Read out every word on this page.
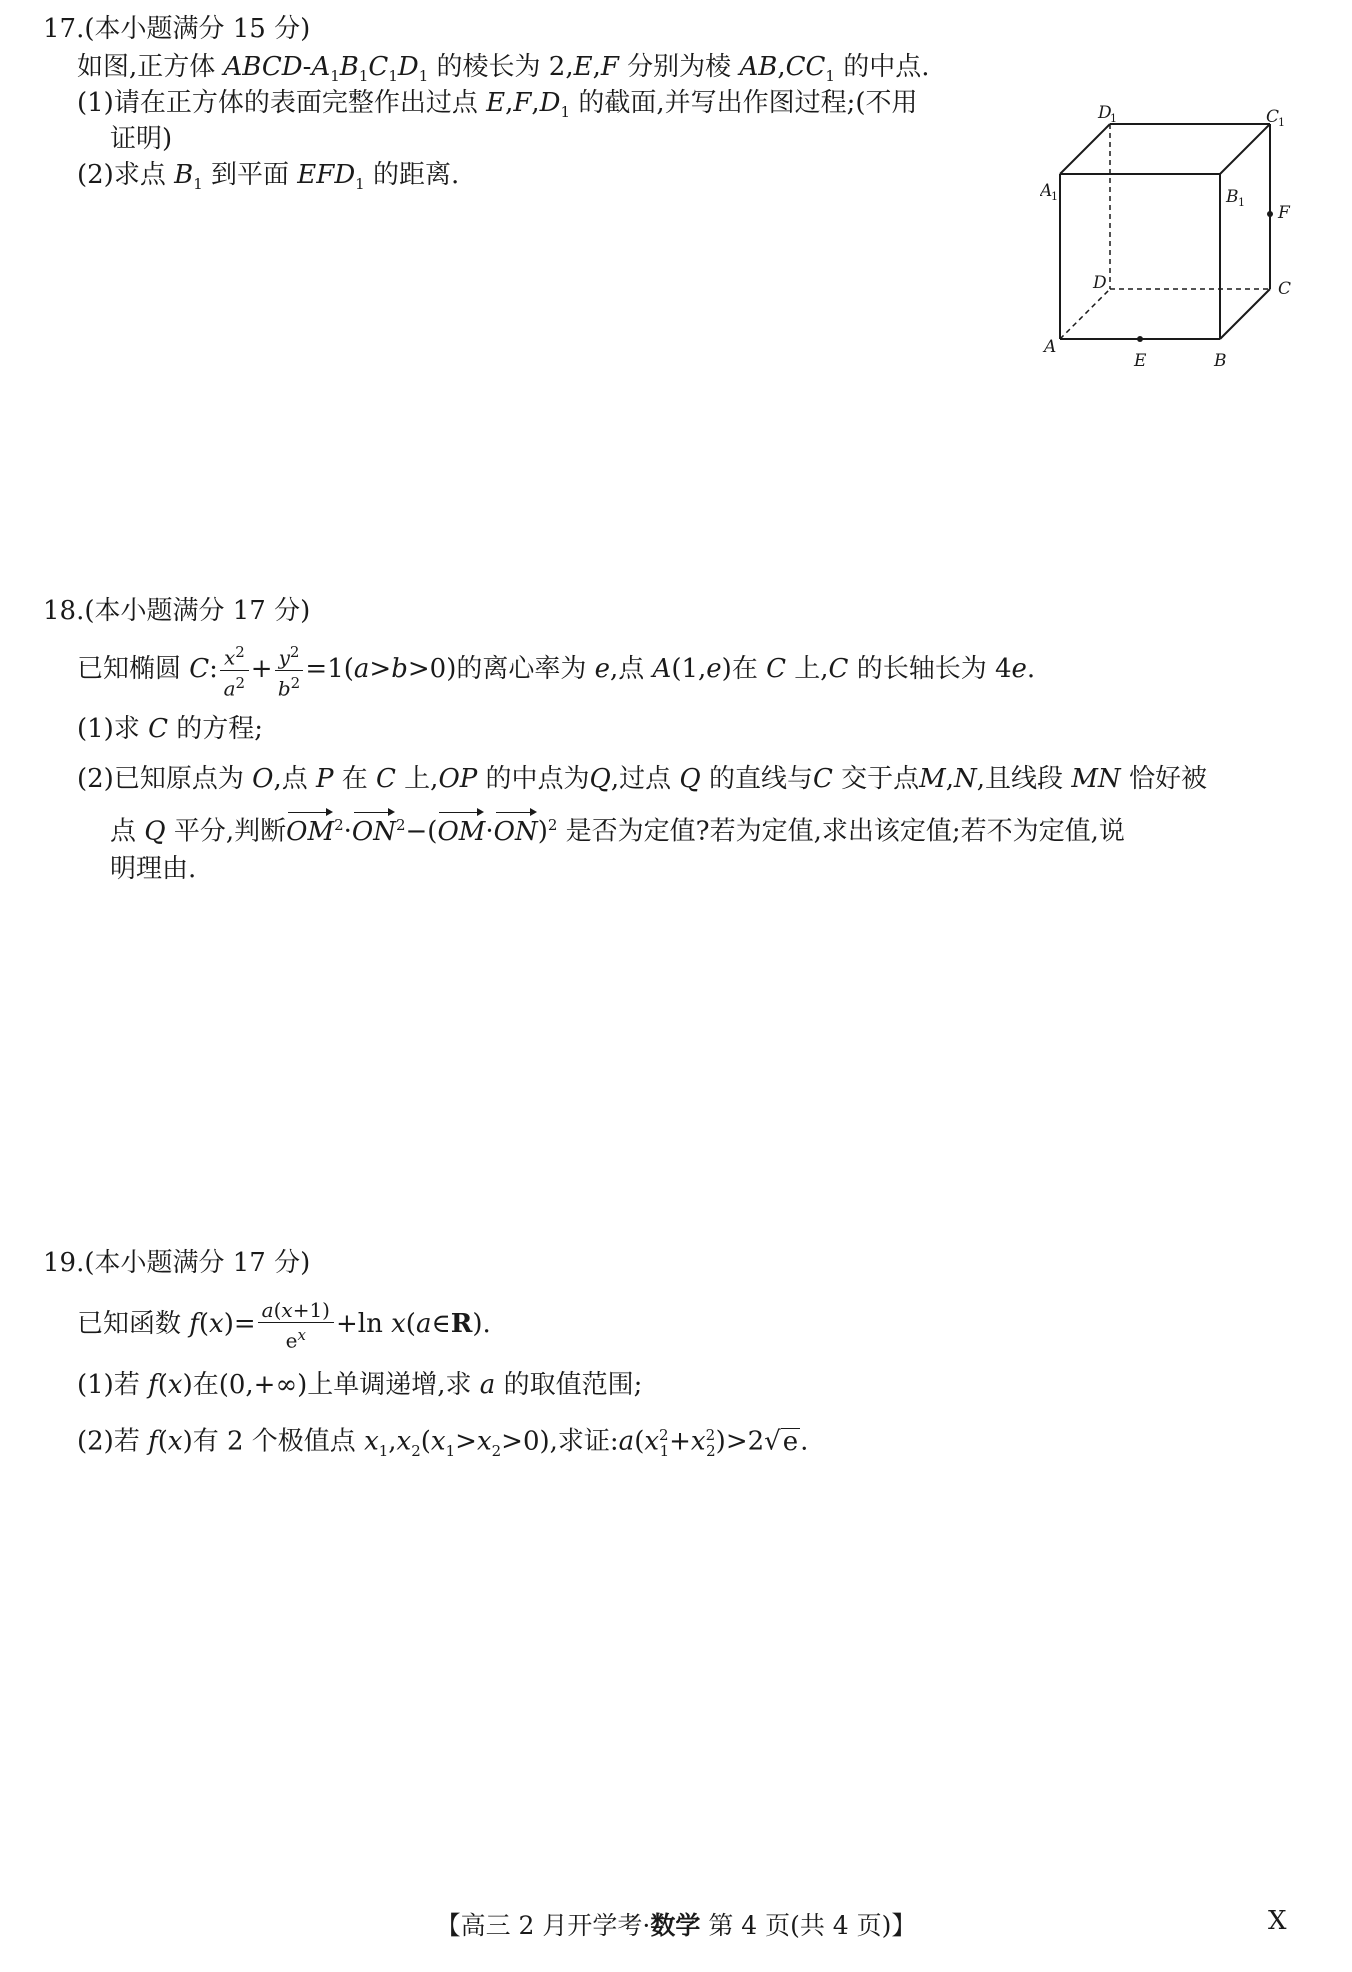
17.(本小题满分 15 分)
如图,正方体 ABCD-$A_1B_1C_1D_1$ 的棱长为 2,E,F 分别为棱 $AB,CC_1$ 的中点.
(1)请在正方体的表面完整作出过点 $E,F,D_1$ 的截面,并写出作图过程;(不用
证明)
(2)求点 $B_1$ 到平面 $EFD_1$ 的距离.
D
1	C
1
A
1	B 1
F
D	C
A
E	B
18.(本小题满分 17 分)
已知椭圆 C: $\frac{x^2}{a^2} + \frac{y^2}{b^2} =1(a>b>0)$的离心率为 e,点 A(1,e)在 C 上,C 的长轴长为 4e.
(1)求 C 的方程;
(2)已知原点为 O,点 P 在 C 上,OP 的中点为Q,过点 Q 的直线与C 交于点M,N,且线段 MN 恰好被
点 Q 平分,判断$OM^2\cdot ON^2-(OM\cdot ON)^2$ 是否为定值?若为定值,求出该定值;若不为定值,说
明理由.
19.(本小题满分 17 分)
已知函数 $f(x)= \frac{a(x+1)}{e^x} +\ln$ x(a∈R).
(1)若 f(x)在(0,+∞)上单调递增,求 a 的取值范围;
(2)若 f(x)有 2 个极值点 $x_1,x_2(x_1>x_2>0)$,求证$:a(x^2_1+x^2_2)>2√e$.
【高三 2 月开学考·数学 第 4 页(共 4 页)】	X
